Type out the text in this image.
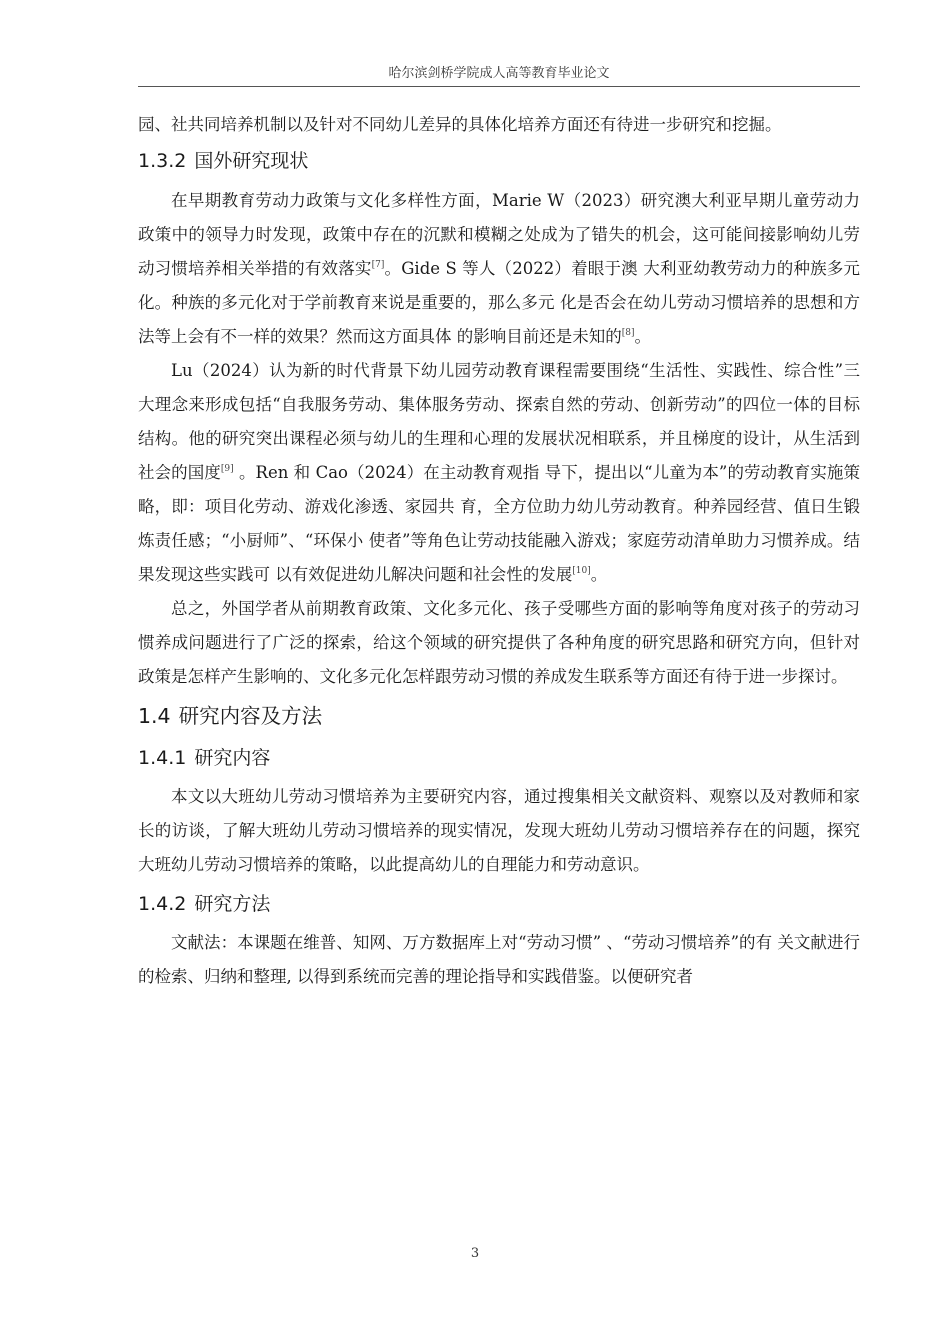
哈尔滨剑桥学院成人高等教育毕业论文

园、社共同培养机制以及针对不同幼儿差异的具体化培养方面还有待进一步研究和挖掘。

1.3.2 国外研究现状

在早期教育劳动力政策与文化多样性方面，Marie W（2023）研究澳大利亚早期儿童劳动力政策中的领导力时发现，政策中存在的沉默和模糊之处成为了错失的机会，这可能间接影响幼儿劳动习惯培养相关举措的有效落实[7]。Gide S 等人（2022）着眼于澳 大利亚幼教劳动力的种族多元化。种族的多元化对于学前教育来说是重要的，那么多元 化是否会在幼儿劳动习惯培养的思想和方法等上会有不一样的效果？然而这方面具体 的影响目前还是未知的[8]。

Lu（2024）认为新的时代背景下幼儿园劳动教育课程需要围绕“生活性、实践性、综合性”三大理念来形成包括“自我服务劳动、集体服务劳动、探索自然的劳动、创新劳动”的四位一体的目标结构。他的研究突出课程必须与幼儿的生理和心理的发展状况相联系，并且梯度的设计，从生活到社会的国度[9] 。Ren 和 Cao（2024）在主动教育观指 导下，提出以“儿童为本”的劳动教育实施策略，即：项目化劳动、游戏化渗透、家园共 育，全方位助力幼儿劳动教育。种养园经营、值日生锻炼责任感；“小厨师”、“环保小 使者”等角色让劳动技能融入游戏；家庭劳动清单助力习惯养成。结果发现这些实践可 以有效促进幼儿解决问题和社会性的发展[10]。

总之，外国学者从前期教育政策、文化多元化、孩子受哪些方面的影响等角度对孩子的劳动习惯养成问题进行了广泛的探索，给这个领域的研究提供了各种角度的研究思路和研究方向，但针对政策是怎样产生影响的、文化多元化怎样跟劳动习惯的养成发生联系等方面还有待于进一步探讨。

1.4 研究内容及方法
1.4.1 研究内容

本文以大班幼儿劳动习惯培养为主要研究内容，通过搜集相关文献资料、观察以及对教师和家长的访谈，了解大班幼儿劳动习惯培养的现实情况，发现大班幼儿劳动习惯培养存在的问题，探究大班幼儿劳动习惯培养的策略，以此提高幼儿的自理能力和劳动意识。

1.4.2 研究方法

文献法：本课题在维普、知网、万方数据库上对“劳动习惯” 、“劳动习惯培养”的有 关文献进行的检索、归纳和整理, 以得到系统而完善的理论指导和实践借鉴。以便研究者

3
